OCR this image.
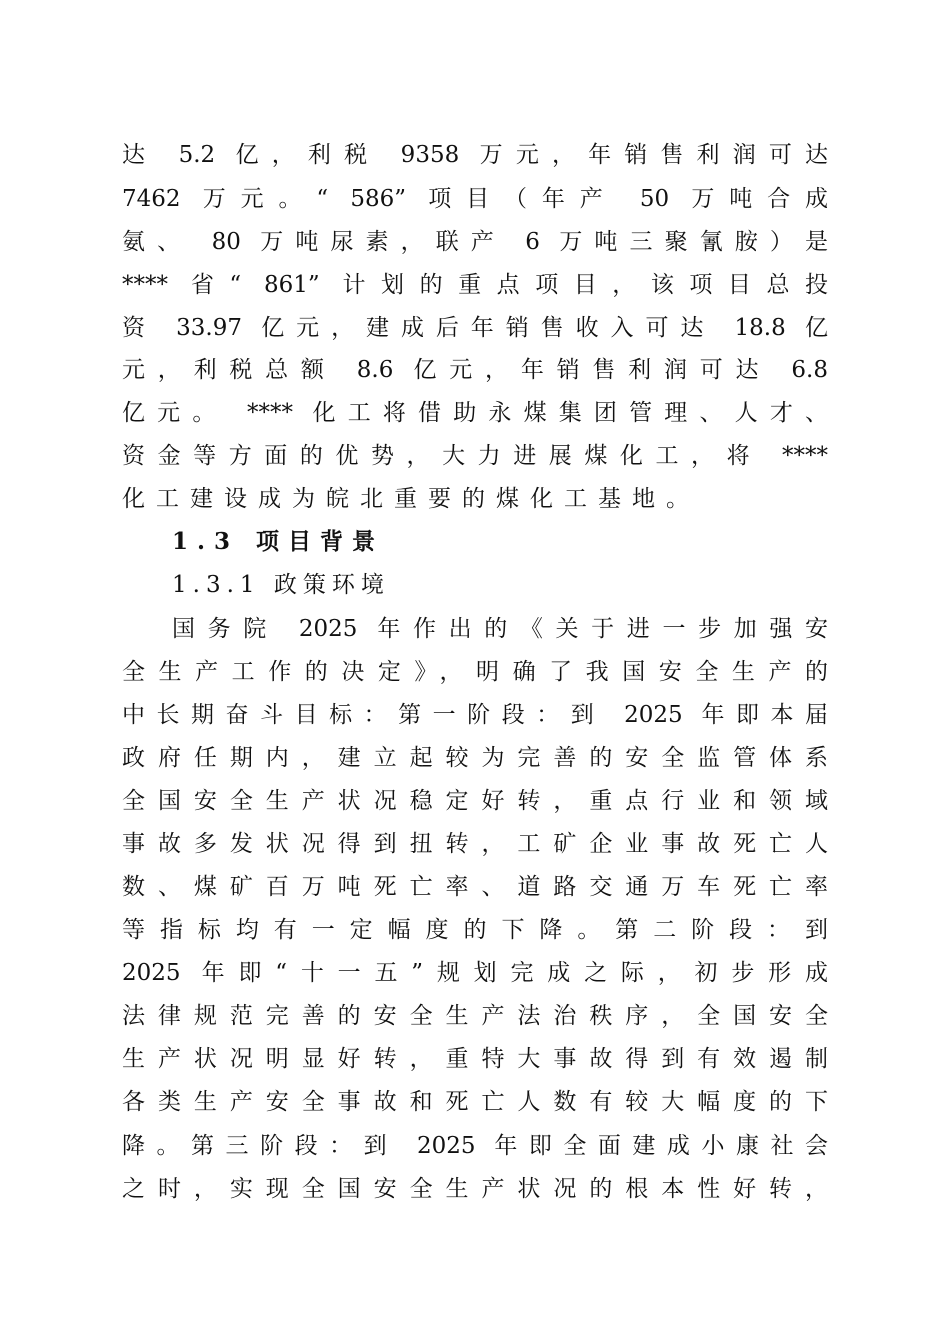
达 5.2 亿，利税 9358 万元，年销售利润可达
7462 万元。“ 586” 项目（年产 50 万吨合成
氨、 80 万吨尿素，联产 6 万吨三聚氰胺）是
**** 省“ 861” 计划的重点项目，该项目总投
资 33.97 亿元，建成后年销售收入可达 18.8 亿
元，利税总额 8.6 亿元，年销售利润可达 6.8
亿元。 **** 化工将借助永煤集团管理、人才、
资金等方面的优势，大力进展煤化工，将 ****
化工建设成为皖北重要的煤化工基地。
1.3 项目背景
1.3.1 政策环境
国务院 2025 年作出的《关于进一步加强安
全生产工作的决定》，明确了我国安全生产的
中长期奋斗目标：第一阶段：到 2025 年即本届
政府任期内，建立起较为完善的安全监管体系
全国安全生产状况稳定好转，重点行业和领域
事故多发状况得到扭转，工矿企业事故死亡人
数、煤矿百万吨死亡率、道路交通万车死亡率
等指标均有一定幅度的下降。第二阶段：到
2025 年即“十一五”规划完成之际，初步形成
法律规范完善的安全生产法治秩序，全国安全
生产状况明显好转，重特大事故得到有效遏制
各类生产安全事故和死亡人数有较大幅度的下
降。第三阶段：到 2025 年即全面建成小康社会
之时，实现全国安全生产状况的根本性好转，
